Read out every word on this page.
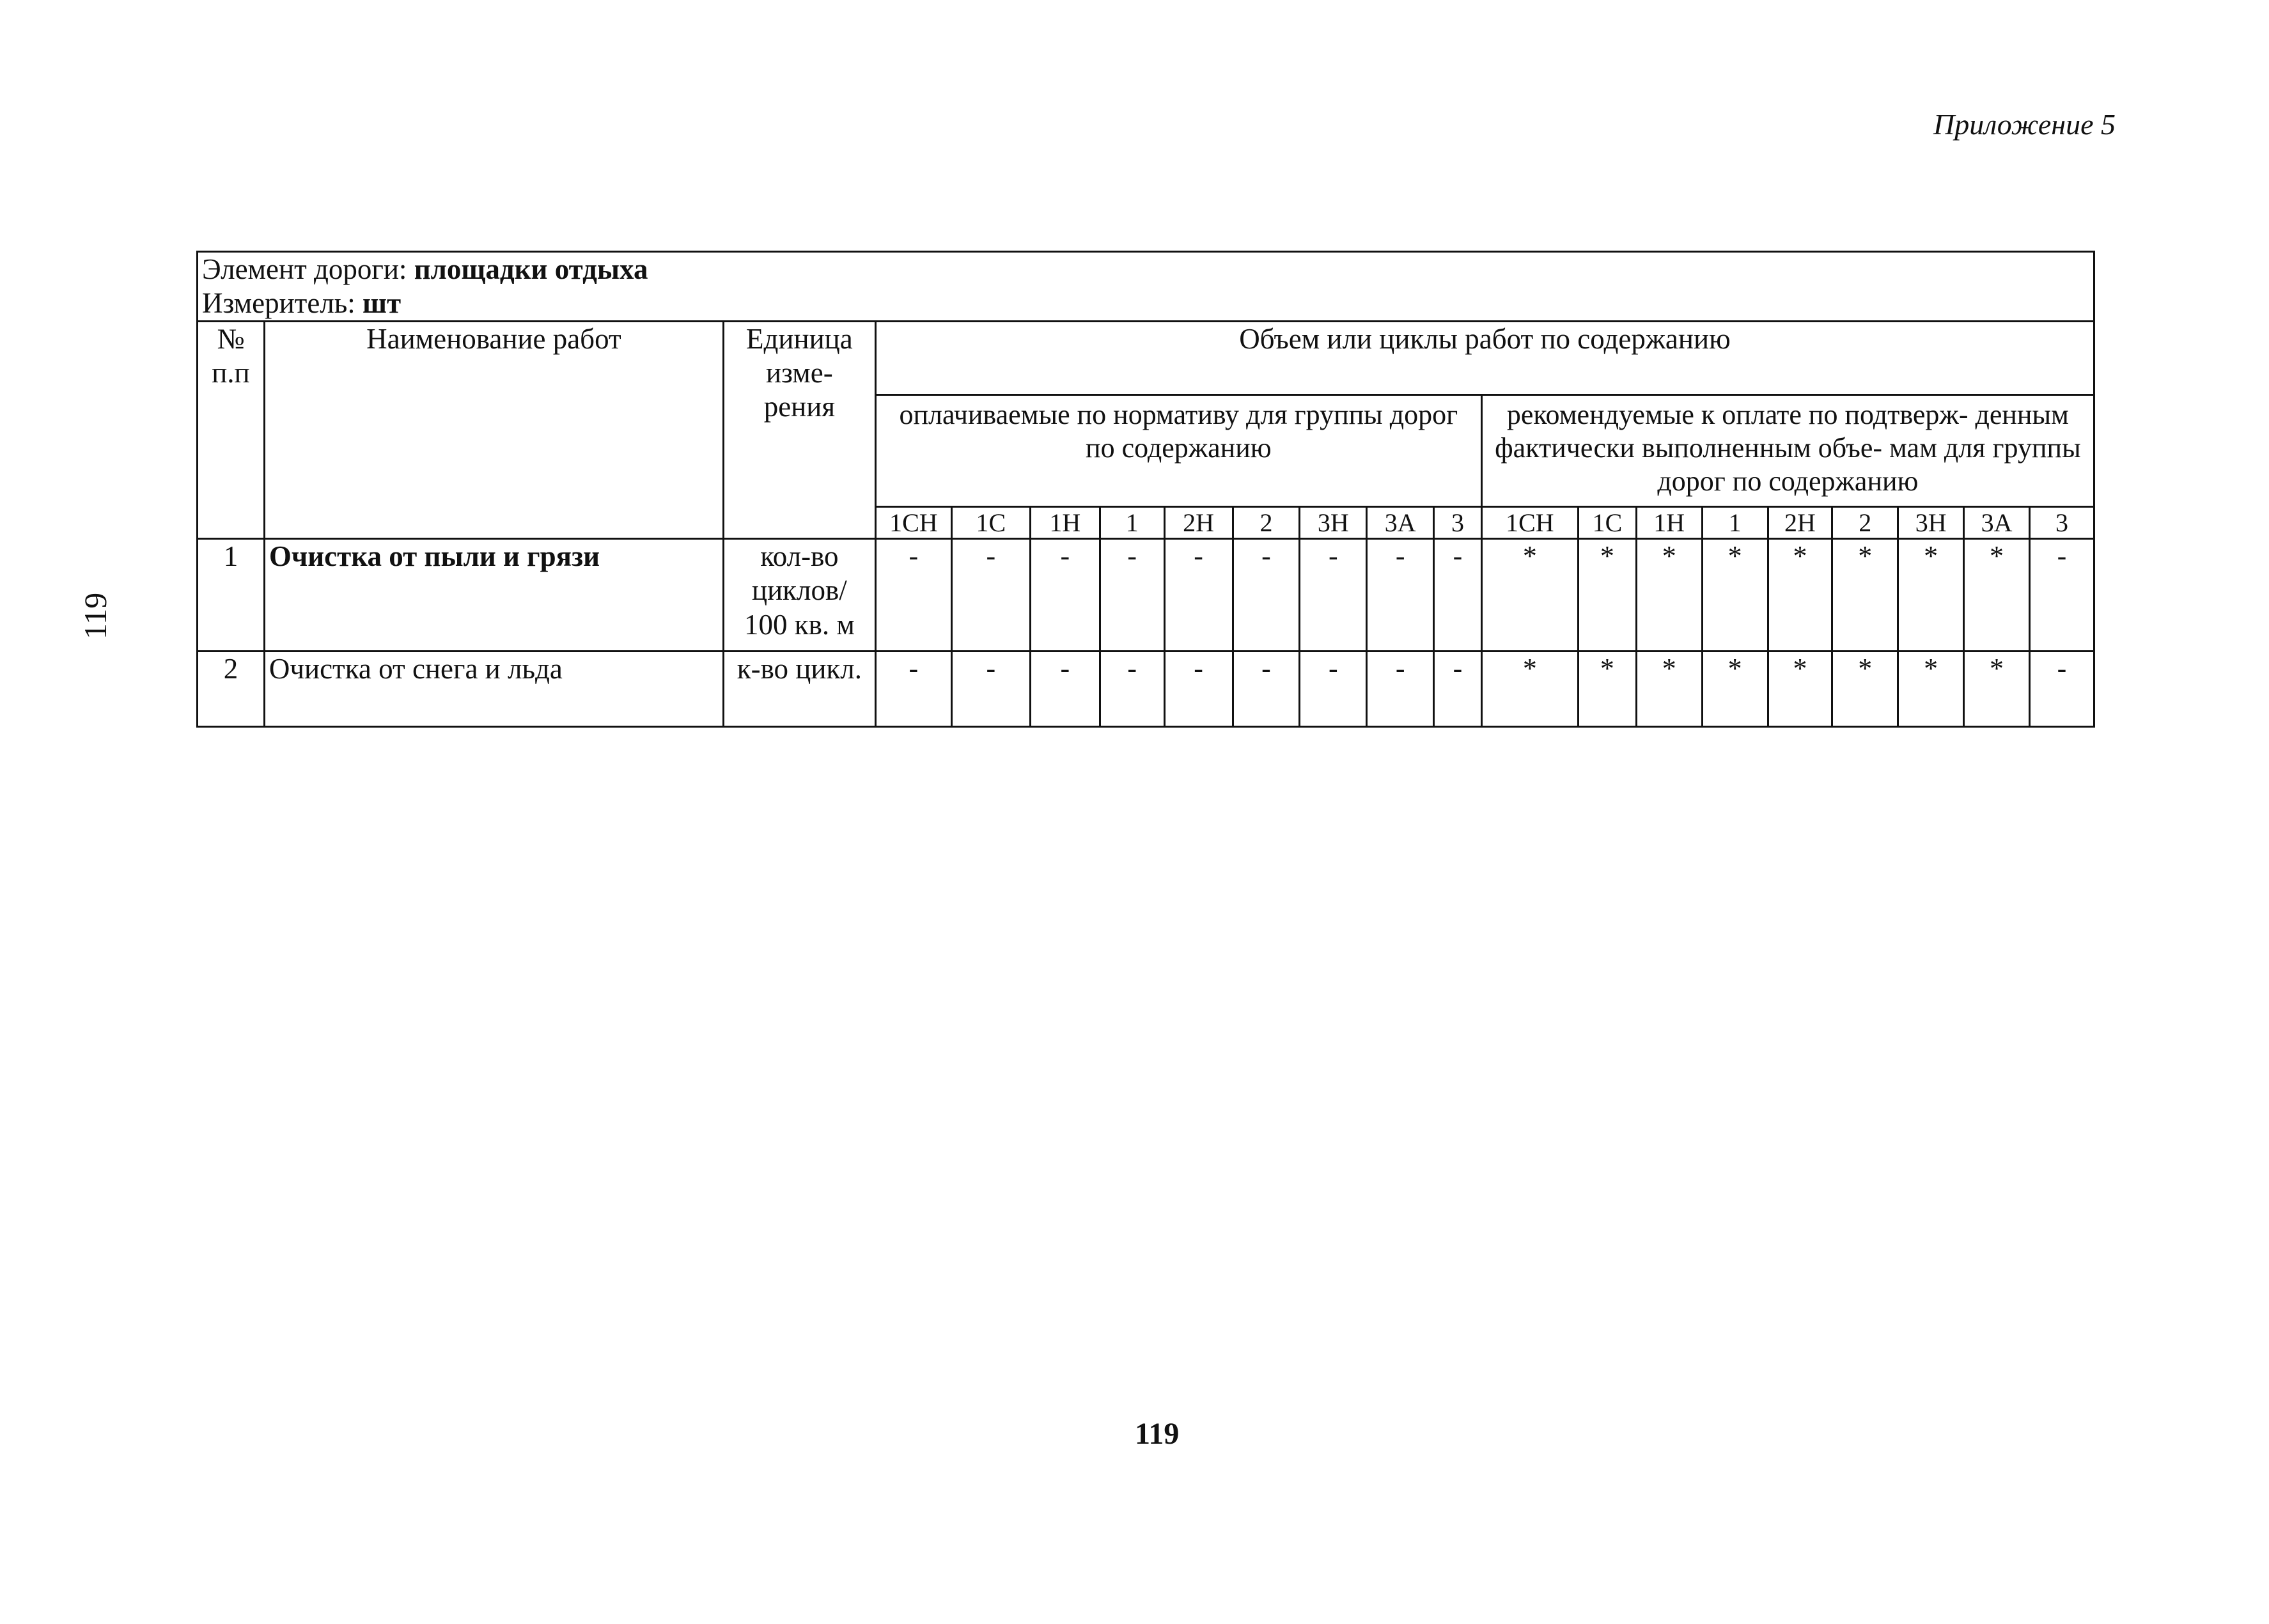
Приложение 5
119
Элемент дороги: площадки отдыха
Измеритель: шт																				

№ п.п	Наименование работ	Единица изме- рения	Объем или циклы работ по содержанию																	
			оплачиваемые по нормативу для группы дорог по содержанию									рекомендуемые к оплате по подтверж- денным фактически выполненным объе- мам для группы дорог по содержанию								
			1СН	1С	1Н	1	2Н	2	3Н	3А	3	1СН	1С	1Н	1	2Н	2	3Н	3А	3
1	Очистка от пыли и грязи	кол-во циклов/ 100 кв. м	-	-	-	-	-	-	-	-	-	*	*	*	*	*	*	*	*	-
2	Очистка от снега и льда	к-во цикл.	-	-	-	-	-	-	-	-	-	*	*	*	*	*	*	*	*	-
119
